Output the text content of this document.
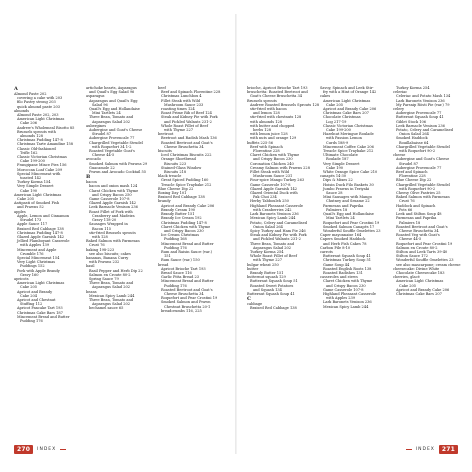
A
Almond Paste 202
covering a cake with 203
filo Pastry strong 203
quick almond paste 203
almonds
Almond Paste 202, 203
American Light Christmas
Cake 206
Andrew's Wholemeal Risotto 85
Brussels sprouts with
almonds 128
Christmas Pudding 147-8
Christmas Tarte Amandine 158
Classic Old-fashioned
Trifle 162
Classic Victorian Christmas
Cake 199-200
Frangipane Mince Pies 156
Moroccan Loaf Cake 209
Special Mincemeat with
toasted 142
Turkey Korma 154
Very Simple Dessert
Cake 190
American Light Christmas
Cake 205
Antipasti of Smoked Fish
and Prawns 52
apples
Apple, Lemon and Cinnamon
Strudel 173
Apple Sauce 117
Braised Red Cabbage 138
Christmas Pudding 147-8
Glazed Apple Garnish 142
Jellied Flamboyant Casserole
with Apples 139
Mincemeat and Apple
Crumble 176
Special Mincemeat 154
Very Light Christmas
Puddings 152
Pork with Apple Brandy
Gravy 160
apricots
American Light Christmas
Cake 205
Apricot and Brandy
Cake 204
Apricot and Chestnut
Stuffing 112
Apricot Pancake Tart 193
Christmas Cake Bars 187
Mincemeat Bread and Butter
Pudding 176
artichoke hearts, Asparagus
and Quail's Egg Salad 96
asparagus
Asparagus and Quail's Egg
Salad 96
Quail's Egg and Hollandaise
Mini Tartlets 24
Three Bean, Tomato and
Asparagus Salad 202
aubergines
Aubergine and Goat's Cheese
Strudel 87
Aubergine Provencale 77
Chargrilled Vegetable Strudel
with Roquefort 34 1-2
Roasted Vegetable Goat's
Cheese 44-5
avocado
Smoked Salmon with Prawns 29
Guacamole 22
Prawn and Avocado Cocktail 55
B
bacon
bacon and onion mash 124
Clarat Chicken with Thyme
and Crispy Bacon 250
Game Casserole 107-8
Glazed Apple Garnish 142
Leek Barnacle Venison 236
Roast Fillet of Pork with
Cranberry and Madeira
Gravy 118-20
Sausages Wrapped in
Bacon 115
stir-fried Brussels sprouts
with 128
Baked Salmon with Parmesan
Crust 76
baking 198-223
see also biscuits; cakes
bananas, Banana Curry
with Prawns 232
basil
Basil Pepper and Herb Dip 22
Salmon en Croute 80-2
Spring Sauce 79
Three Bean, Tomato and
Asparagus Salad 202
beans
Mexican Spicy Lamb 244
Three Bean, Tomato and
Asparagus Salad 202
bechamel sauce 65
beef
Beef and Spinach Florentine 228
Christmas Lunchbox 4
Fillet Steak with Wild
Mushroom Sauce 233
roasting times 124
Roast Prime Rib of Beef 124
Steak and Kidney Pie with Pork
and Pickled Walnuts 231-2
Whole Roast Fillet of Beef
with Thyme 227
beetroot
Beetroot and Radish Mash 136
Roasted Beetroot and Goat's
Cheese Bruschetta 34
biscuits
Iced Christmas Biscuits 222
Orange Shortbread
Biscuits 223
Stained-Glass Window
Biscuits 218
black treacle
Great Spiced Pudding 160
Treacle Spice Traybake 212
Blue Cheese Dip 22
Boxing Day 101
Braised Red Cabbage 138
brandy
Apricot and Brandy Cake 206
Brandy Cream 190
Brandy Butter 151
Brandy Ice Cream 192
Christmas Pudding 147-8
Claret Chicken with Thyme
and Crispy Bacon 230
Ice Cream Christmas
Pudding 168
Mincemeat Bread and Butter
Pudding 176
Rum and Raisin Sauce (var.)
151
Rum Sauce (var.) 150
bread
Apricot Brioche Tart 193
Bread Sauce 116
Garlic Pitta Bread 23
Mincemeat Bread and Butter
Pudding 176
Roasted Beetroot and Goat's
Cheese Bruschetta 34
Roquefort and Pear Crostini 19
Smoked Salmon and Prawn
Chestnut Bruschetta 20-1
breadcrumbs 116, 225
brioche, Apricot Brioche Tart 193
bruschetta: Roasted Beetroot and
Goat's Cheese Bruschetta 34
Brussels sprouts
Andrew Roasted Brussels Sprouts 128
stir-fried with bacon
and lemon 128
stir-fried with chestnuts 128
with almonds 128
with butter and chopped
herbs 128
with lemon juice 128
with nuts and orange 129
buffets 225-56
Beef with Spinach
Florentine 228
Claret Chicken with Thyme
and Crispy Bacon 230
Coronation Chicken 240
Creamy Salmon with Prawns 228
Fillet Steak with Wild
Mushroom Sauce 231
Four-spice Mango Turkey 263
Game Casserole 107-8
Glazed Apple Garnish 142
Glazed Oriental Duck with
Pak Choi 234
Herby Tabbouleh 250
Highland Pheasant Casserole
with Cranberries 242
Lark Baronets Venison 236
Mexican Spicy Lamb 244
Potato, Celery and Caramelised
Onion Salad 264
Spicy Turkey and Ham Pie 246
Steak and Kidney Pie with Pork
and Pickled Walnuts 231-2
Three Bean, Tomato and
Asparagus Salad 202
Turkey Korma 254
Whole Roast Fillet of Beef
with Thyme 227
bulgar wheat 250
butter
Brandy Butter 151
butternut squash 129
Butternut Squash Soup 51
Roasted Sweet Potatoes
and Squash 134
Butternut Squash Soup 41
C
cabbage
Braised Red Cabbage 138
Savoy, Spinach and Leek Stir-
fry with a Hint of Orange 142
cakes
American Light Christmas
Cake 205
Apricot and Brandy Cake 206
Christmas Cake Bars 207
Chocolate Christmas
Log 217-19
Classic Victorian Christmas
Cake 199-200
Hazelnut Meringue Roulade
with Passion Lemon
Curds 188-9
Mincemeat Coffee Cake 206
Treacle Spice Traybake 212
Ultimate Chocolate
Roulade 187
Very Simple Dessert
Cake 190
White Orange Spice Cake 210
canapés 14-30
Dips & Mixes 22
Hoisin Duck Filo Baskets 30
Jumbo Prawns in Teriyaki
Sauce 28
Mini Sausages with Mango
Chutney and Sesame 22
Parmesan and Paprika
Palmiers 18
Quail's Egg and Hollandaise
Mini Tartlets 24
Roquefort and Pear Crostini 19
Smoked Salmon Canapés 17
Wonderful Souffle Omelettes 23
Caper mayonnaise 164
Capers Smoked Haddock
and Herb Fish Cakes 78
Carbon Pile 8-10
carrots
Butternut Squash Soup 41
Christmas Turkey Soup 51
Game Soup 44
Roasted English Roots 138
Roasted Radishes 131
casseroles and stews
Claret Chicken with Thyme
and Crispy Bacon 230
Game Casserole 107-8
Highland Pheasant Casserole
with Apples 239
Lark Baronets Venison 236
Mexican Spicy Lamb 244
Turkey Korma 254
celeriac
Celeriac and Potato Mash 134
Lark Baronets Venison 236
My Parsnip Rösti Pie (var.) 79
celery
Aubergine Provencale 77
Butternut Squash Soup 41
Giblet Stock 106
Leek Barnacle Venison 236
Potato, Celery and Caramelised
Onion Salad 264
Smoked Haddock
Bouillabaisse 64
Chargrilled Vegetable Strudel
with Roquefort 90-2
cheese
Aubergine and Goat's Cheese
Strudel 87
Aubergine Provencale 77
Beef and Spinach
Florentine 228
Blue Cheese Dip 22
Chargrilled Vegetable Strudel
with Roquefort 90-2
Cheesy Olive Pastries 25
Baked Salmon with Parmesan
Crust 76
Haddock and Spinach
Pots 66
Leek and Stilton Soup 48
Parmesan and Paprika
Palmiers 18
Roasted Beetroot and Goat's
Cheese Bruschetta 34
Roasted Veg with Goat's
Cheese 44-5
Roquefort and Pear Crostini 19
Salmon en Croute 80-2
Stilton and Leek Tarts 39-40
Stilton Sauce 172
Wonderful Souffle Omelettes 23
see also mascarpone; cream cheese
cheesecake: Divine White
Chocolate Cheesecake 183
cherries, glacé
American Light Christmas
Cake 205
Apricot and Brandy Cake 206
Christmas Cake Bars 207
270	INDEX	INDEX	271
